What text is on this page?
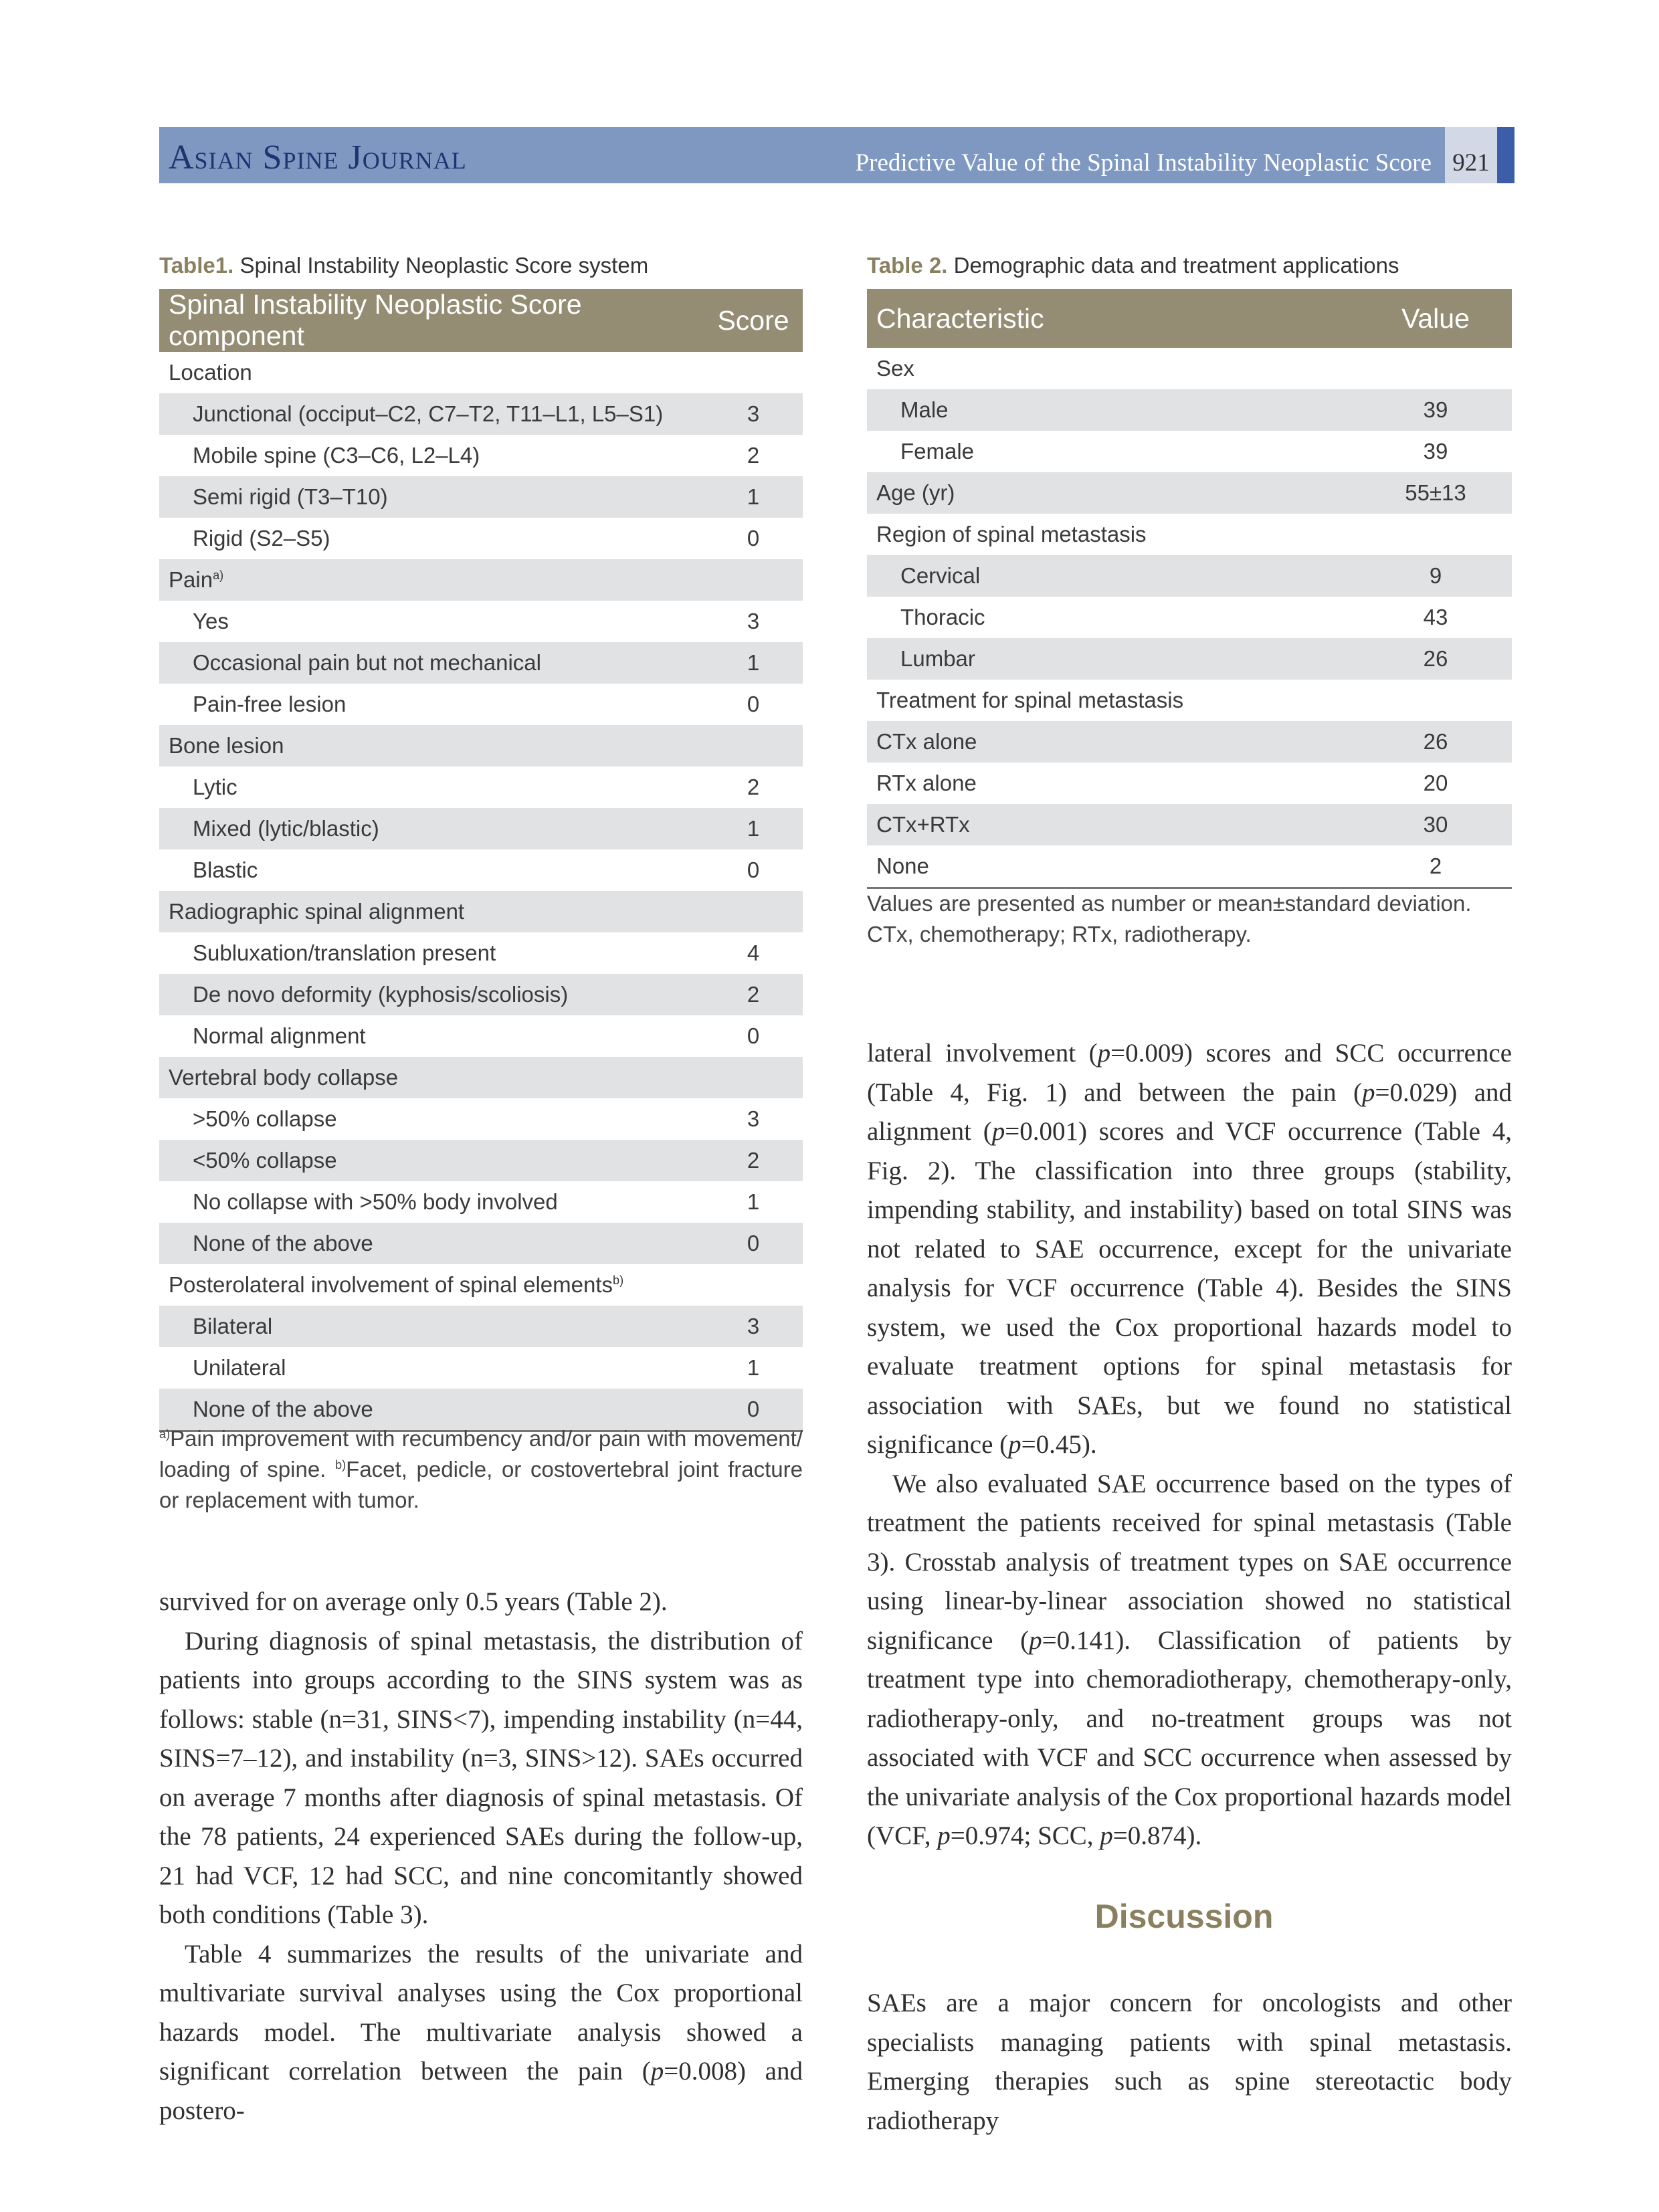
Asian Spine Journal	Predictive Value of the Spinal Instability Neoplastic Score 921
Table1. Spinal Instability Neoplastic Score system
Spinal Instability Neoplastic Score component	Score
Location	
Junctional (occiput–C2, C7–T2, T11–L1, L5–S1)	3
Mobile spine (C3–C6, L2–L4)	2
Semi rigid (T3–T10)	1
Rigid (S2–S5)	0
Pain$^{a)}$	
Yes	3
Occasional pain but not mechanical	1
Pain-free lesion	0
Bone lesion	
Lytic	2
Mixed (lytic/blastic)	1
Blastic	0
Radiographic spinal alignment	
Subluxation/translation present	4
De novo deformity (kyphosis/scoliosis)	2
Normal alignment	0
Vertebral body collapse	
>50% collapse	3
<50% collapse	2
No collapse with >50% body involved	1
None of the above	0
Posterolateral involvement of spinal elements$^{b)}$	
Bilateral	3
Unilateral	1
None of the above	0
$^{a)}$Pain improvement with recumbency and/or pain with movement/ loading of spine. $^{b)}$Facet, pedicle, or costovertebral joint fracture or replacement with tumor.
Table 2. Demographic data and treatment applications
Characteristic	Value
Sex	
Male	39
Female	39
Age (yr)	55±13
Region of spinal metastasis	
Cervical	9
Thoracic	43
Lumbar	26
Treatment for spinal metastasis	
CTx alone	26
RTx alone	20
CTx+RTx	30
None	2
Values are presented as number or mean±standard deviation.
CTx, chemotherapy; RTx, radiotherapy.

survived for on average only 0.5 years (Table 2).

During diagnosis of spinal metastasis, the distribution of patients into groups according to the SINS system was as follows: stable (n=31, SINS<7), impending instability (n=44, SINS=7–12), and instability (n=3, SINS>12). SAEs occurred on average 7 months after diagnosis of spinal metastasis. Of the 78 patients, 24 experienced SAEs during the follow-up, 21 had VCF, 12 had SCC, and nine concomitantly showed both conditions (Table 3).

Table 4 summarizes the results of the univariate and multivariate survival analyses using the Cox proportional hazards model. The multivariate analysis showed a significant correlation between the pain (p=0.008) and postero-

lateral involvement (p=0.009) scores and SCC occurrence (Table 4, Fig. 1) and between the pain (p=0.029) and alignment (p=0.001) scores and VCF occurrence (Table 4, Fig. 2). The classification into three groups (stability, impending stability, and instability) based on total SINS was not related to SAE occurrence, except for the univariate analysis for VCF occurrence (Table 4). Besides the SINS system, we used the Cox proportional hazards model to evaluate treatment options for spinal metastasis for association with SAEs, but we found no statistical significance (p=0.45).

We also evaluated SAE occurrence based on the types of treatment the patients received for spinal metastasis (Table 3). Crosstab analysis of treatment types on SAE occurrence using linear-by-linear association showed no statistical significance (p=0.141). Classification of patients by treatment type into chemoradiotherapy, chemotherapy-only, radiotherapy-only, and no-treatment groups was not associated with VCF and SCC occurrence when assessed by the univariate analysis of the Cox proportional hazards model (VCF, p=0.974; SCC, p=0.874).

Discussion

SAEs are a major concern for oncologists and other specialists managing patients with spinal metastasis. Emerging therapies such as spine stereotactic body radiotherapy
